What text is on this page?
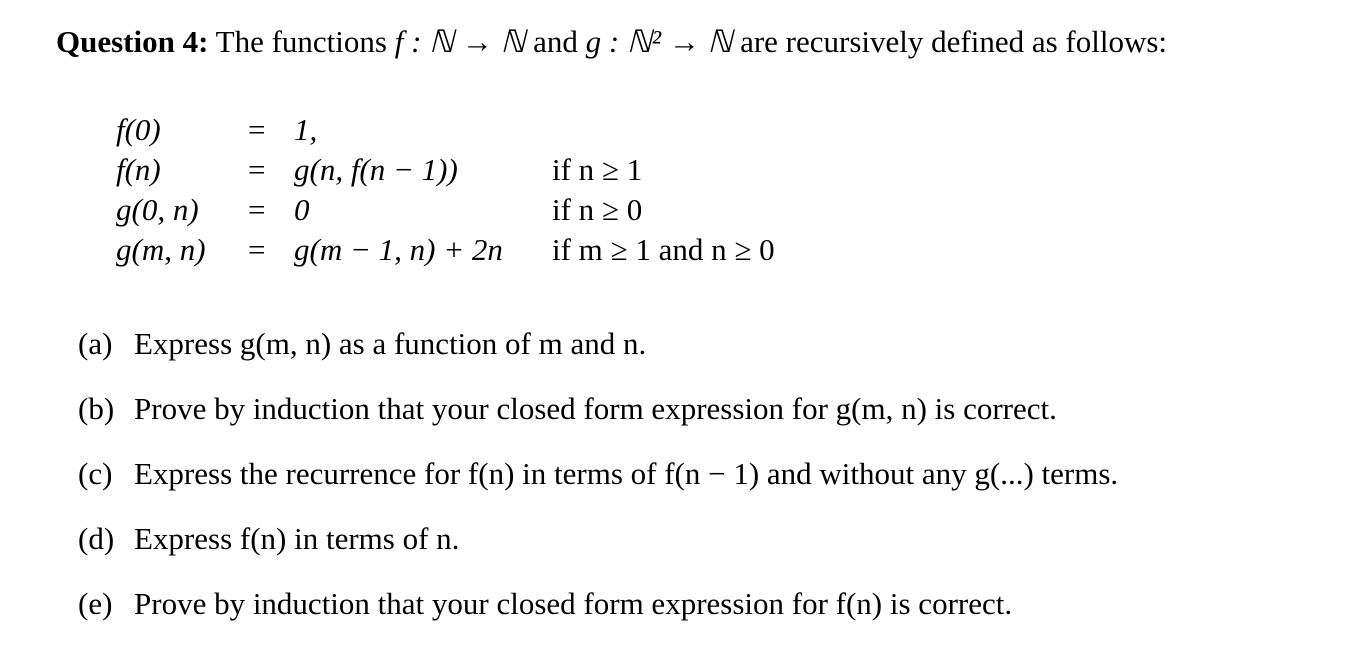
Question 4: The functions f : ℕ → ℕ and g : ℕ² → ℕ are recursively defined as follows:
f(0)	= 1,
f(n)	= g(n, f(n − 1))	if n ≥ 1
g(0, n) = 0	if n ≥ 0
g(m, n) = g(m − 1, n) + 2n if m ≥ 1 and n ≥ 0
(a) Express g(m, n) as a function of m and n.
(b) Prove by induction that your closed form expression for g(m, n) is correct.
(c) Express the recurrence for f(n) in terms of f(n − 1) and without any g(...) terms.
(d) Express f(n) in terms of n.
(e) Prove by induction that your closed form expression for f(n) is correct.
